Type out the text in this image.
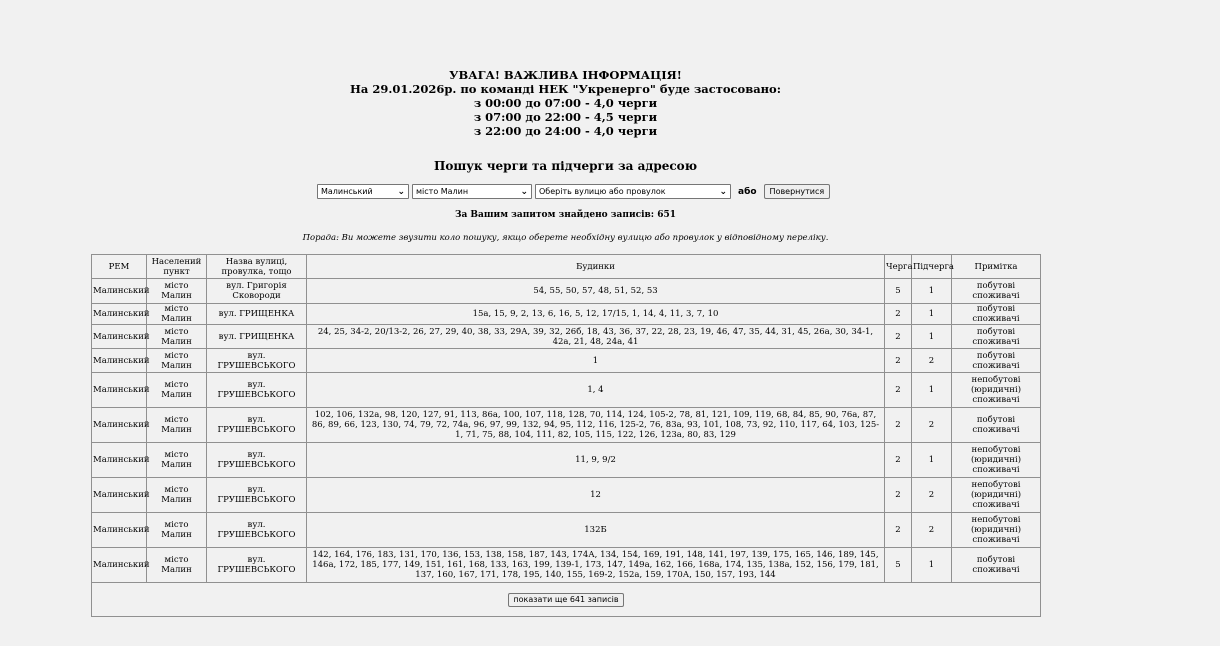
УВАГА! ВАЖЛИВА ІНФОРМАЦІЯ!
На 29.01.2026р. по команді НЕК "Укренерго" буде застосовано:
з 00:00 до 07:00 - 4,0 черги
з 07:00 до 22:00 - 4,5 черги
з 22:00 до 24:00 - 4,0 черги
Пошук черги та підчерги за адресою
Малинський	⌄ місто Малин	⌄ Оберіть вулицю або провулок	⌄ або	Повернутися
За Вашим запитом знайдено записів: 651
Порада: Ви можете звузити коло пошуку, якщо оберете необхідну вулицю або провулок у відповідному переліку.
РЕМ	Населений пункт	Назва вулиці, провулка, тощо	Будинки	Черга	Підчерга	Примітка
Малинський	місто Малин	вул. Григорія Сковороди	54, 55, 50, 57, 48, 51, 52, 53	5	1	побутові споживачі
Малинський	місто Малин	вул. ГРИЩЕНКА	15а, 15, 9, 2, 13, 6, 16, 5, 12, 17/15, 1, 14, 4, 11, 3, 7, 10	2	1	побутові споживачі
Малинський	місто Малин	вул. ГРИЩЕНКА	24, 25, 34-2, 20/13-2, 26, 27, 29, 40, 38, 33, 29А, 39, 32, 26б, 18, 43, 36, 37, 22, 28, 23, 19, 46, 47, 35, 44, 31, 45, 26а, 30, 34-1, 42а, 21, 48, 24а, 41	2	1	побутові споживачі
Малинський	місто Малин	вул. ГРУШЕВСЬКОГО	1	2	2	побутові споживачі
Малинський	місто Малин	вул. ГРУШЕВСЬКОГО	1, 4	2	1	непобутові (юридичні) споживачі
Малинський	місто Малин	вул. ГРУШЕВСЬКОГО	102, 106, 132а, 98, 120, 127, 91, 113, 86а, 100, 107, 118, 128, 70, 114, 124, 105-2, 78, 81, 121, 109, 119, 68, 84, 85, 90, 76а, 87, 86, 89, 66, 123, 130, 74, 79, 72, 74а, 96, 97, 99, 132, 94, 95, 112, 116, 125-2, 76, 83а, 93, 101, 108, 73, 92, 110, 117, 64, 103, 125-1, 71, 75, 88, 104, 111, 82, 105, 115, 122, 126, 123а, 80, 83, 129	2	2	побутові споживачі
Малинський	місто Малин	вул. ГРУШЕВСЬКОГО	11, 9, 9/2	2	1	непобутові (юридичні) споживачі
Малинський	місто Малин	вул. ГРУШЕВСЬКОГО	12	2	2	непобутові (юридичні) споживачі
Малинський	місто Малин	вул. ГРУШЕВСЬКОГО	132Б	2	2	непобутові (юридичні) споживачі
Малинський	місто Малин	вул. ГРУШЕВСЬКОГО	142, 164, 176, 183, 131, 170, 136, 153, 138, 158, 187, 143, 174А, 134, 154, 169, 191, 148, 141, 197, 139, 175, 165, 146, 189, 145, 146а, 172, 185, 177, 149, 151, 161, 168, 133, 163, 199, 139-1, 173, 147, 149а, 162, 166, 168а, 174, 135, 138а, 152, 156, 179, 181, 137, 160, 167, 171, 178, 195, 140, 155, 169-2, 152а, 159, 170А, 150, 157, 193, 144	5	1	побутові споживачі
показати ще 641 записів						
